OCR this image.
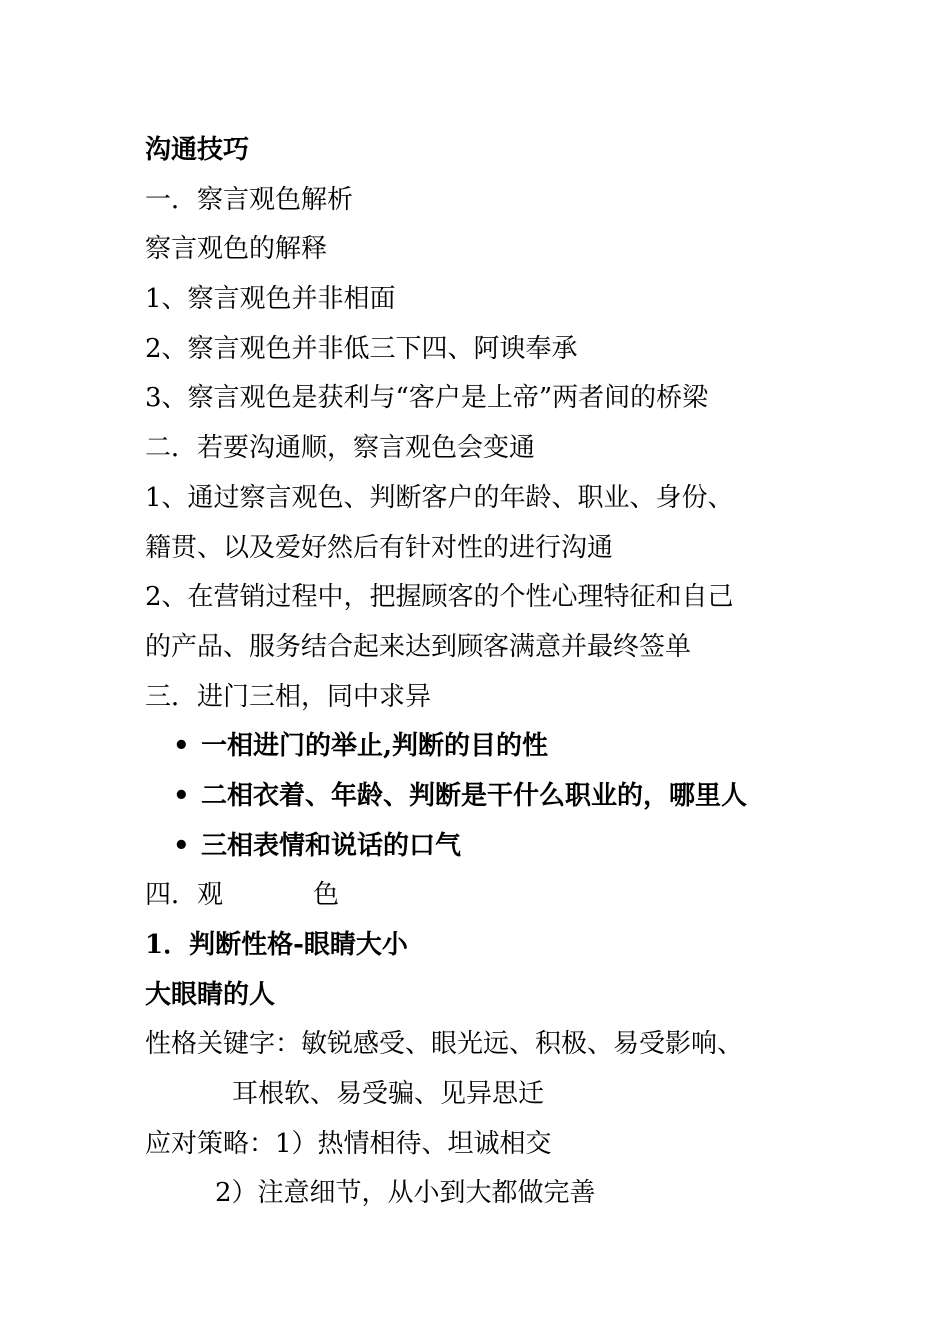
沟通技巧

一．察言观色解析

察言观色的解释

1、察言观色并非相面

2、察言观色并非低三下四、阿谀奉承

3、察言观色是获利与“客户是上帝”两者间的桥梁

二．若要沟通顺，察言观色会变通

1、通过察言观色、判断客户的年龄、职业、身份、

籍贯、以及爱好然后有针对性的进行沟通

2、在营销过程中，把握顾客的个性心理特征和自己

的产品、服务结合起来达到顾客满意并最终签单

三．进门三相，同中求异

• 一相进门的举止,判断的目的性

• 二相衣着、年龄、判断是干什么职业的，哪里人

• 三相表情和说话的口气

四．观	色

1．判断性格-眼睛大小

大眼睛的人

性格关键字：敏锐感受、眼光远、积极、易受影响、

耳根软、易受骗、见异思迁

应对策略：1）热情相待、坦诚相交

2）注意细节，从小到大都做完善
